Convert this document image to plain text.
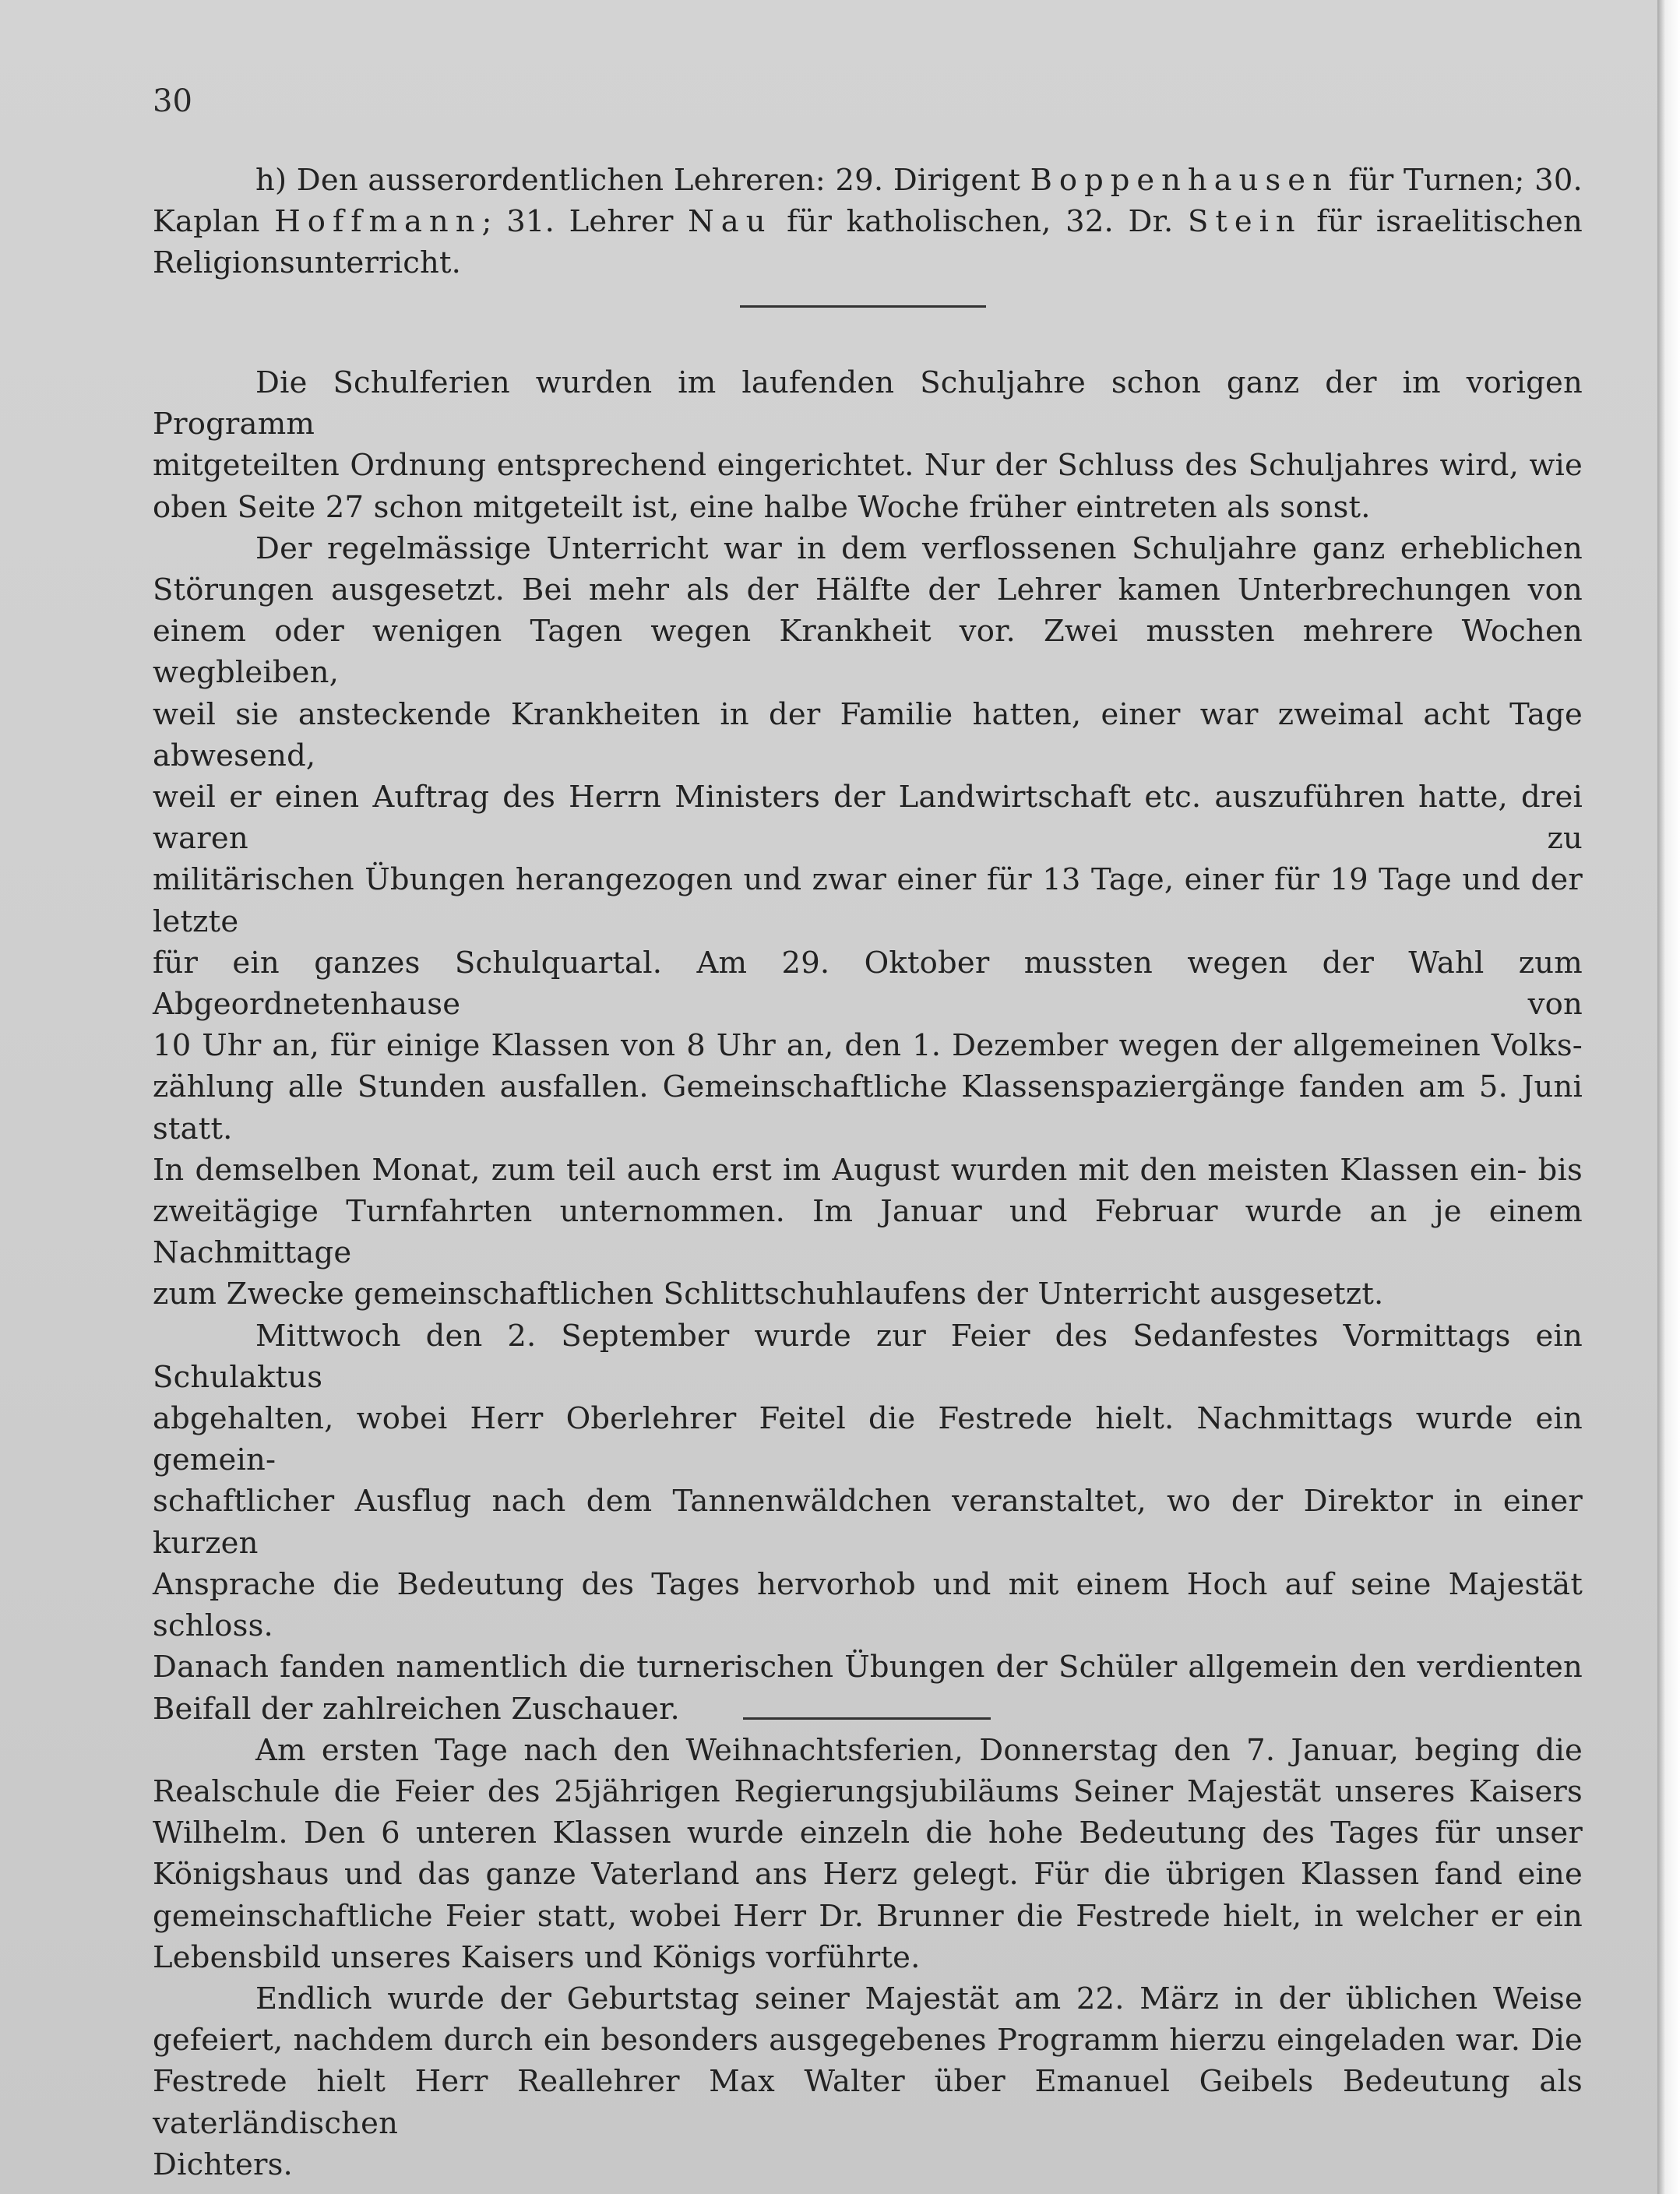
30

h) Den ausserordentlichen Lehreren: 29. Dirigent Boppenhausen für Turnen; 30.

Kaplan Hoffmann; 31. Lehrer Nau für katholischen, 32. Dr. Stein für israelitischen

Religionsunterricht.

Die Schulferien wurden im laufenden Schuljahre schon ganz der im vorigen Programm

mitgeteilten Ordnung entsprechend eingerichtet. Nur der Schluss des Schuljahres wird, wie

oben Seite 27 schon mitgeteilt ist, eine halbe Woche früher eintreten als sonst.

Der regelmässige Unterricht war in dem verflossenen Schuljahre ganz erheblichen

Störungen ausgesetzt. Bei mehr als der Hälfte der Lehrer kamen Unterbrechungen von

einem oder wenigen Tagen wegen Krankheit vor. Zwei mussten mehrere Wochen wegbleiben,

weil sie ansteckende Krankheiten in der Familie hatten, einer war zweimal acht Tage abwesend,

weil er einen Auftrag des Herrn Ministers der Landwirtschaft etc. auszuführen hatte, drei waren zu

militärischen Übungen herangezogen und zwar einer für 13 Tage, einer für 19 Tage und der letzte

für ein ganzes Schulquartal. Am 29. Oktober mussten wegen der Wahl zum Abgeordnetenhause von

10 Uhr an, für einige Klassen von 8 Uhr an, den 1. Dezember wegen der allgemeinen Volks-

zählung alle Stunden ausfallen. Gemeinschaftliche Klassenspaziergänge fanden am 5. Juni statt.

In demselben Monat, zum teil auch erst im August wurden mit den meisten Klassen ein- bis

zweitägige Turnfahrten unternommen. Im Januar und Februar wurde an je einem Nachmittage

zum Zwecke gemeinschaftlichen Schlittschuhlaufens der Unterricht ausgesetzt.

Mittwoch den 2. September wurde zur Feier des Sedanfestes Vormittags ein Schulaktus

abgehalten, wobei Herr Oberlehrer Feitel die Festrede hielt. Nachmittags wurde ein gemein-

schaftlicher Ausflug nach dem Tannenwäldchen veranstaltet, wo der Direktor in einer kurzen

Ansprache die Bedeutung des Tages hervorhob und mit einem Hoch auf seine Majestät schloss.

Danach fanden namentlich die turnerischen Übungen der Schüler allgemein den verdienten

Beifall der zahlreichen Zuschauer.

Am ersten Tage nach den Weihnachtsferien, Donnerstag den 7. Januar, beging die

Realschule die Feier des 25jährigen Regierungsjubiläums Seiner Majestät unseres Kaisers

Wilhelm. Den 6 unteren Klassen wurde einzeln die hohe Bedeutung des Tages für unser

Königshaus und das ganze Vaterland ans Herz gelegt. Für die übrigen Klassen fand eine

gemeinschaftliche Feier statt, wobei Herr Dr. Brunner die Festrede hielt, in welcher er ein

Lebensbild unseres Kaisers und Königs vorführte.

Endlich wurde der Geburtstag seiner Majestät am 22. März in der üblichen Weise

gefeiert, nachdem durch ein besonders ausgegebenes Programm hierzu eingeladen war. Die

Festrede hielt Herr Reallehrer Max Walter über Emanuel Geibels Bedeutung als vaterländischen

Dichters.
